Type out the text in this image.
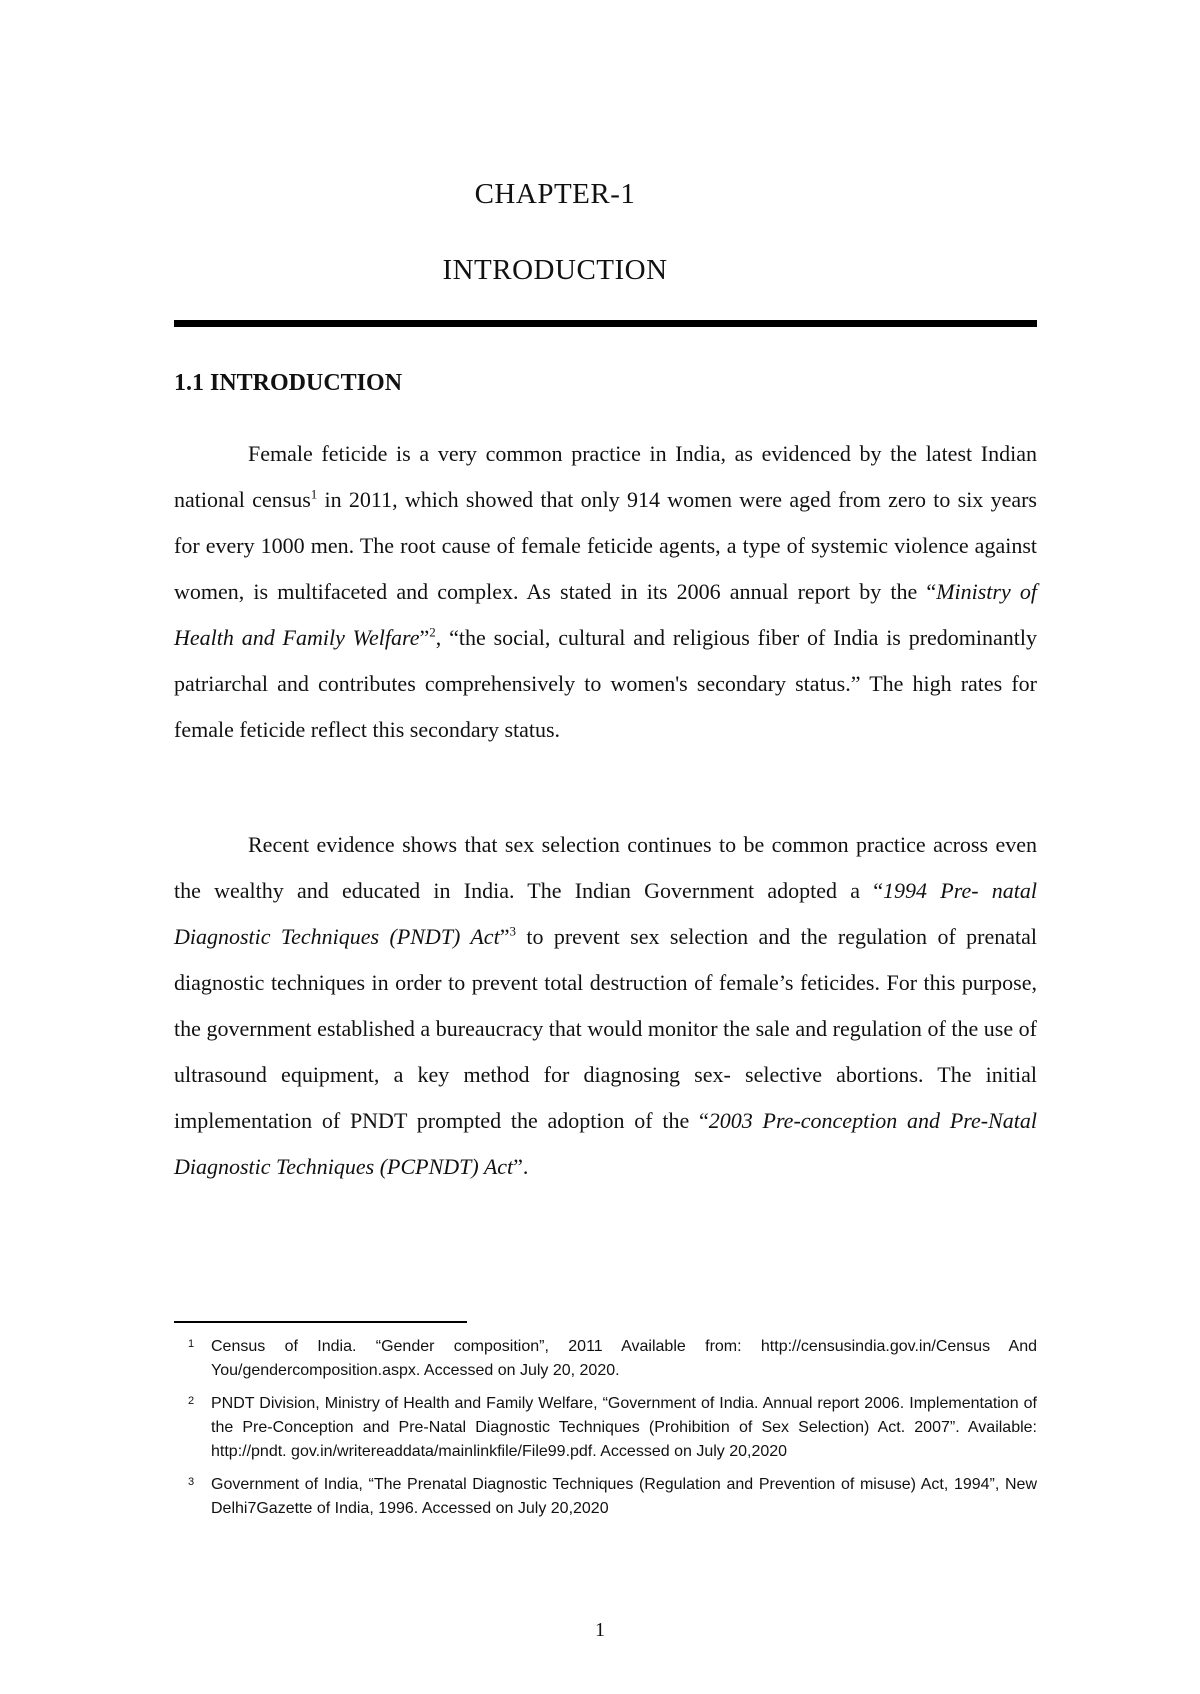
CHAPTER-1
INTRODUCTION
1.1 INTRODUCTION

Female feticide is a very common practice in India, as evidenced by the latest Indian national census$^1$ in 2011, which showed that only 914 women were aged from zero to six years for every 1000 men. The root cause of female feticide agents, a type of systemic violence against women, is multifaceted and complex. As stated in its 2006 annual report by the “Ministry of Health and Family Welfare”$^2$, “the social, cultural and religious fiber of India is predominantly patriarchal and contributes comprehensively to women's secondary status.” The high rates for female feticide reflect this secondary status.

Recent evidence shows that sex selection continues to be common practice across even the wealthy and educated in India. The Indian Government adopted a “1994 Pre- natal Diagnostic Techniques (PNDT) Act”$^3$ to prevent sex selection and the regulation of prenatal diagnostic techniques in order to prevent total destruction of female’s feticides. For this purpose, the government established a bureaucracy that would monitor the sale and regulation of the use of ultrasound equipment, a key method for diagnosing sex- selective abortions. The initial implementation of PNDT prompted the adoption of the “2003 Pre-conception and Pre-Natal Diagnostic Techniques (PCPNDT) Act”.

1 Census of India. “Gender composition”, 2011 Available from: http://censusindia.gov.in/Census And You/gendercomposition.aspx. Accessed on July 20, 2020.
2 PNDT Division, Ministry of Health and Family Welfare, “Government of India. Annual report 2006. Implementation of the Pre-Conception and Pre-Natal Diagnostic Techniques (Prohibition of Sex Selection) Act. 2007”. Available: http://pndt. gov.in/writereaddata/mainlinkfile/File99.pdf. Accessed on July 20,2020
3 Government of India, “The Prenatal Diagnostic Techniques (Regulation and Prevention of misuse) Act, 1994”, New Delhi7Gazette of India, 1996. Accessed on July 20,2020
1
